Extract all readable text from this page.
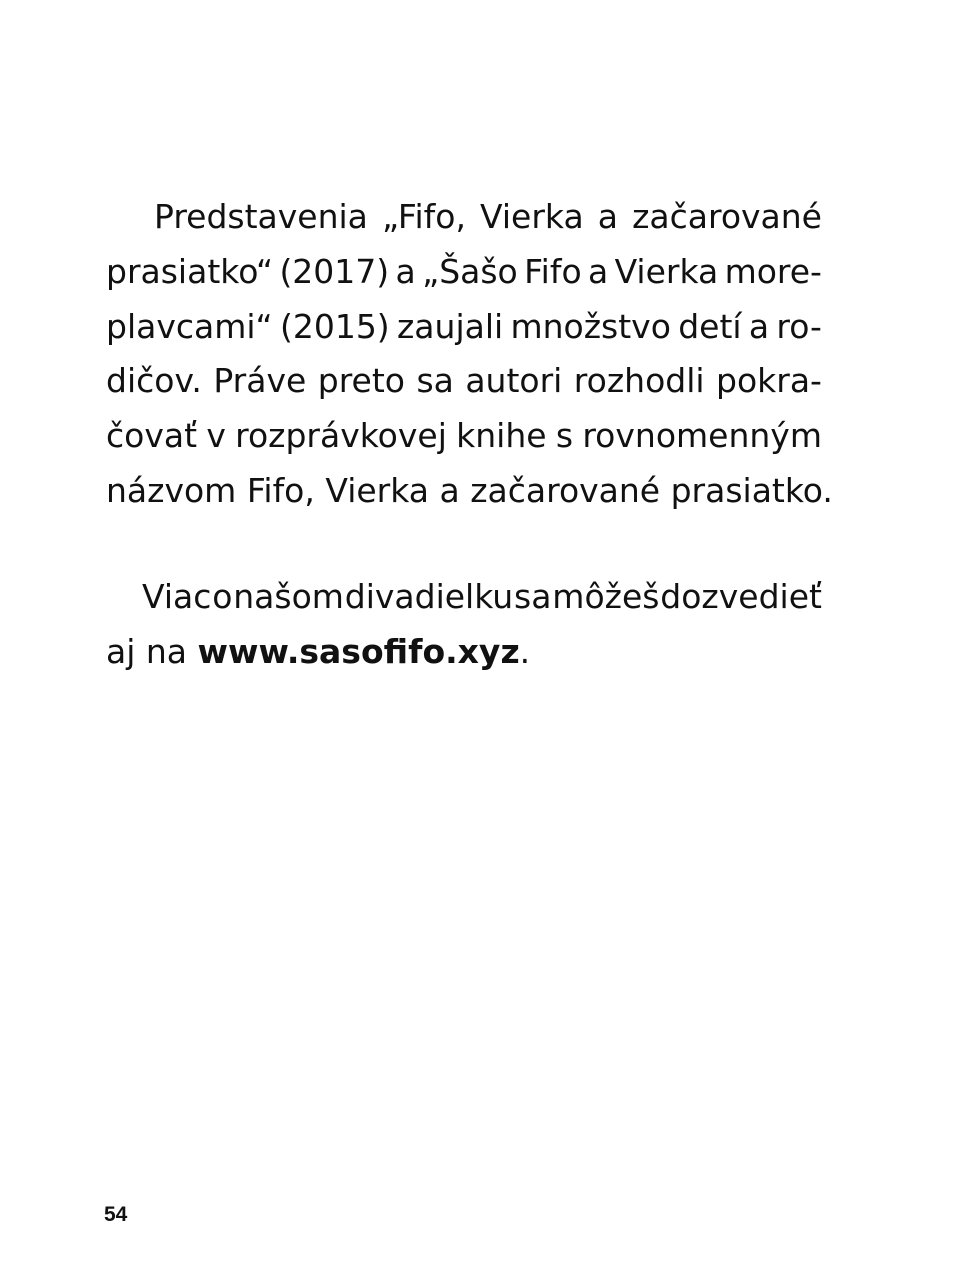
Predstavenia „Fifo, Vierka a začarované
prasiatko“ (2017) a „Šašo Fifo a Vierka more-
plavcami“ (2015) zaujali množstvo detí a ro-
dičov. Práve preto sa autori rozhodli pokra-
čovať v rozprávkovej knihe s rovnomenným
názvom Fifo, Vierka a začarované prasiatko.
Viac o našom divadielku sa môžeš dozvedieť
aj na www.sasofifo.xyz.
54
